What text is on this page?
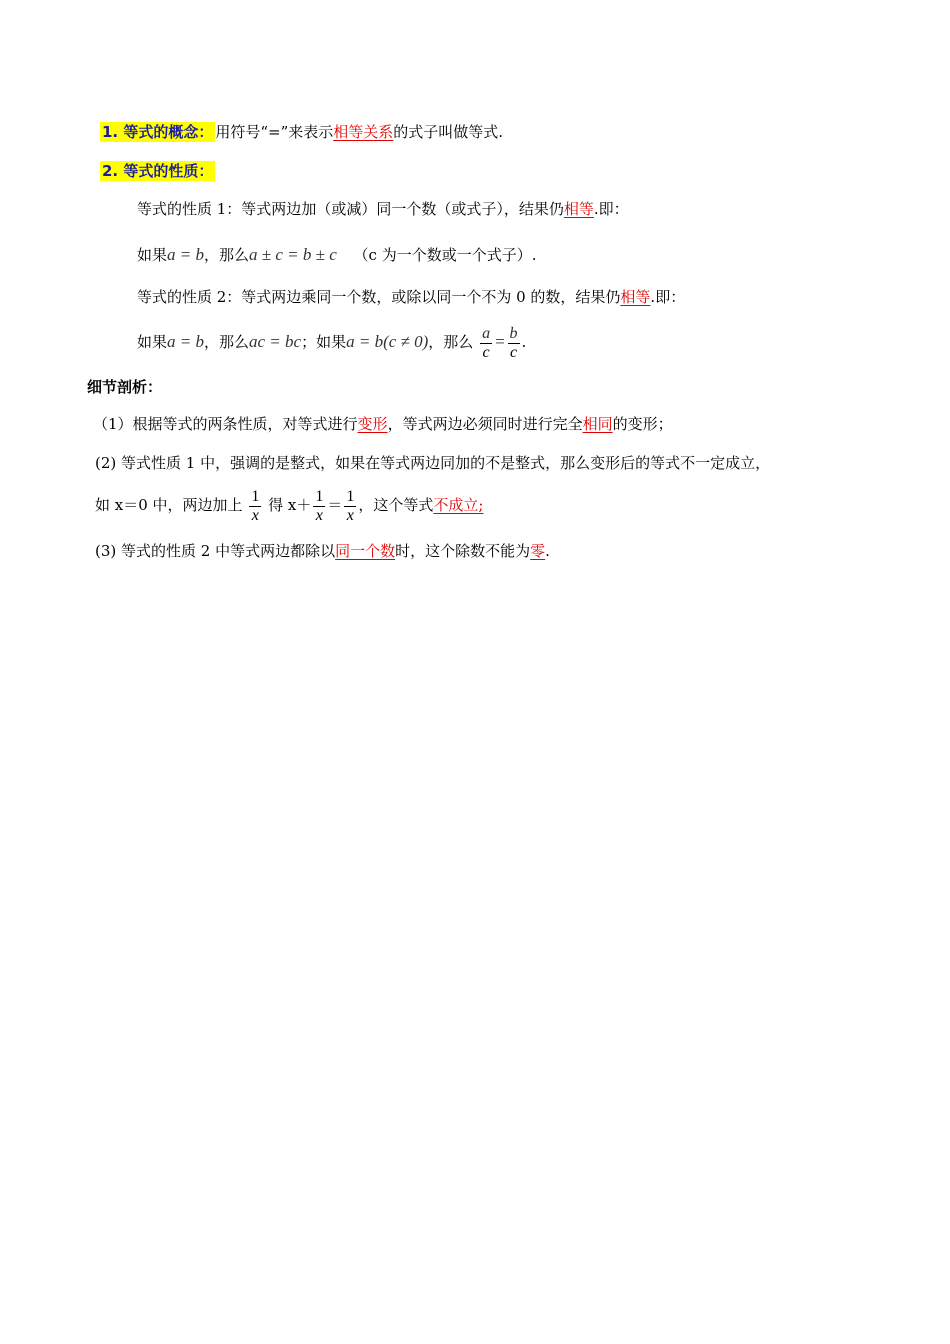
1. 等式的概念： 用符号“=”来表示相等关系的式子叫做等式.
2. 等式的性质：
等式的性质 1：等式两边加（或减）同一个数（或式子），结果仍相等.即：
如果a = b，那么a ± c = b ± c （c 为一个数或一个式子）.
等式的性质 2：等式两边乘同一个数，或除以同一个不为 0 的数，结果仍相等.即：
如果a = b，那么ac = bc；如果a = b(c ≠ 0)，那么 $\frac{a}{c} = \frac{b}{c}$ .
细节剖析：
（1）根据等式的两条性质，对等式进行变形，等式两边必须同时进行完全相同的变形；
(2) 等式性质 1 中，强调的是整式，如果在等式两边同加的不是整式，那么变形后的等式不一定成立，
如 x＝0 中，两边加上 $\frac{1}{x}$ 得 $x+ \frac{1}{x} = \frac{1}{x}$ ，这个等式不成立;
(3) 等式的性质 2 中等式两边都除以同一个数时，这个除数不能为零.
